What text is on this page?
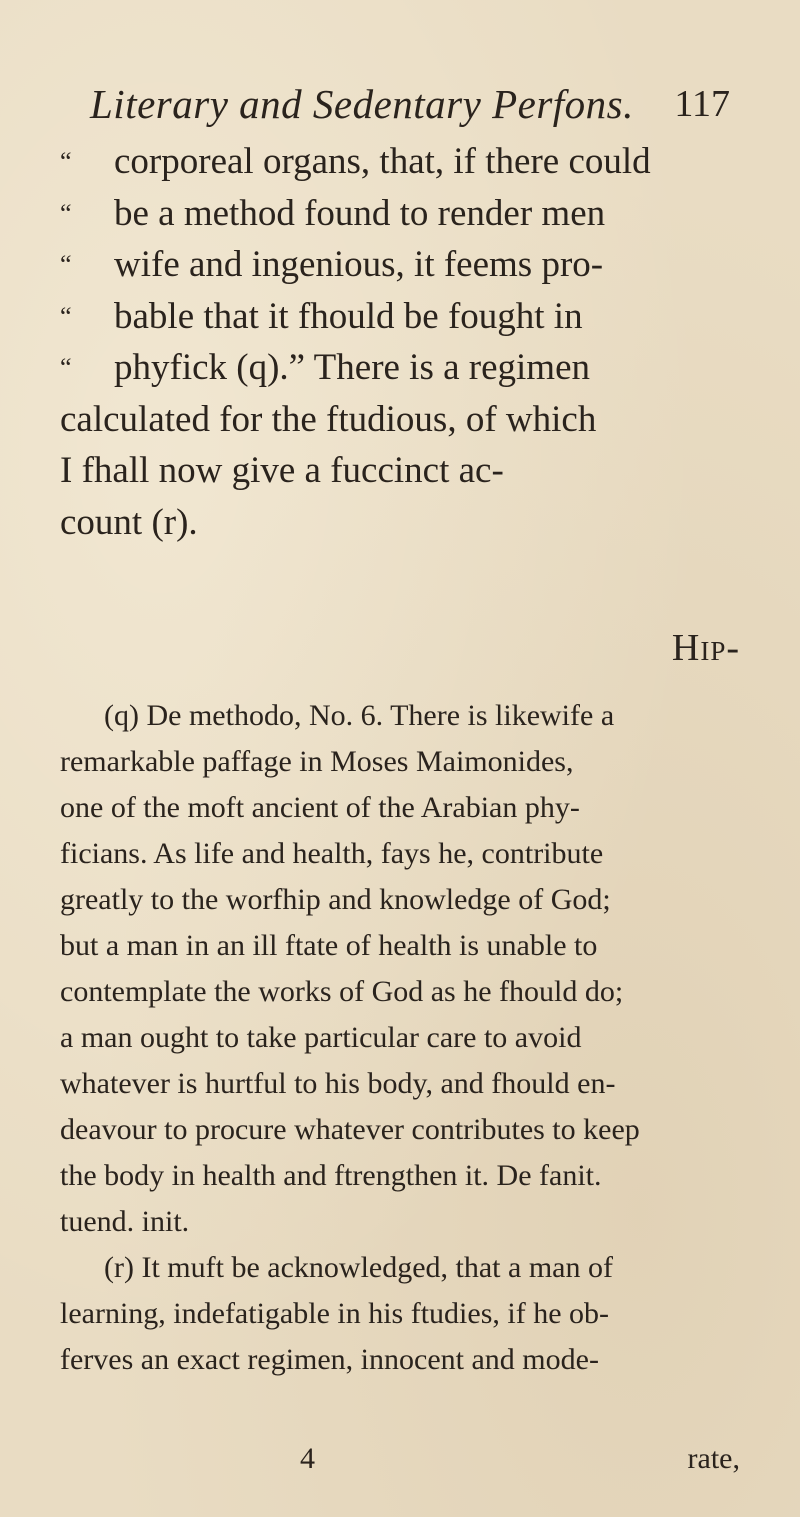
Literary and Sedentary Perfons. 117
“ corporeal organs, that, if there could
“ be a method found to render men
“ wife and ingenious, it feems pro-
“ bable that it fhould be fought in
“ phyfick (q).” There is a regimen
calculated for the ftudious, of which
I fhall now give a fuccinct ac-
count (r).
Hip-
(q) De methodo, No. 6. There is likewife a
remarkable paffage in Moses Maimonides,
one of the moft ancient of the Arabian phy-
ficians. As life and health, fays he, contribute
greatly to the worfhip and knowledge of God;
but a man in an ill ftate of health is unable to
contemplate the works of God as he fhould do;
a man ought to take particular care to avoid
whatever is hurtful to his body, and fhould en-
deavour to procure whatever contributes to keep
the body in health and ftrengthen it. De fanit.
tuend. init.
(r) It muft be acknowledged, that a man of
learning, indefatigable in his ftudies, if he ob-
ferves an exact regimen, innocent and mode-
4	rate,
